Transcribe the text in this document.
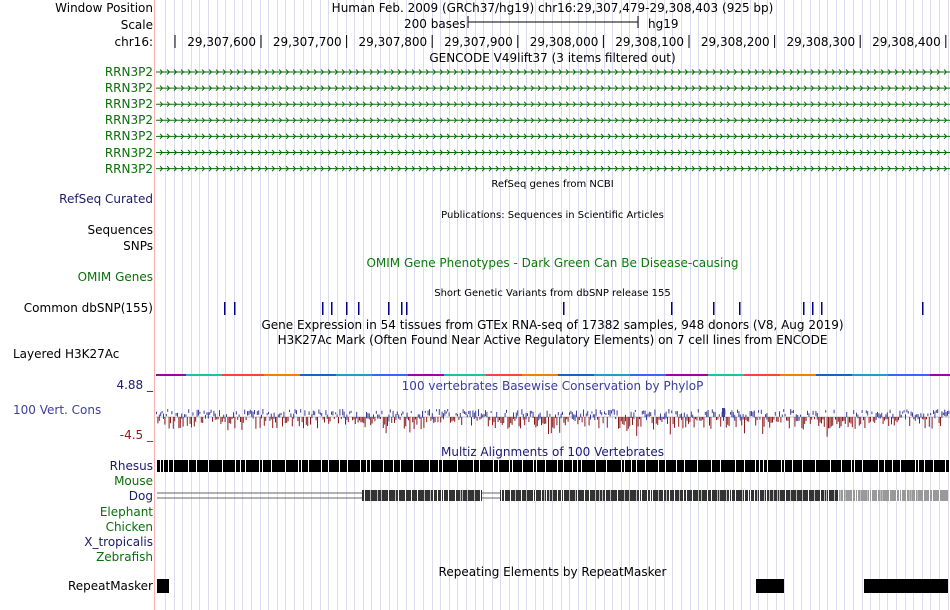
Window Position	Human Feb. 2009 (GRCh37/hg19) chr16:29,307,479-29,308,403 (925 bp)
Scale	200 bases	hg19
chr16:	29,307,600 29,307,700 29,307,800 29,307,900 29,308,000 29,308,100 29,308,200 29,308,300 29,308,400
GENCODE V49lift37 (3 items filtered out)
RRN3P2
RRN3P2
RRN3P2
RRN3P2
RRN3P2
RRN3P2
RRN3P2
RefSeq genes from NCBI
RefSeq Curated
Publications: Sequences in Scientific Articles
Sequences
SNPs
OMIM Gene Phenotypes - Dark Green Can Be Disease-causing
OMIM Genes
Short Genetic Variants from dbSNP release 155
Common dbSNP(155)
Gene Expression in 54 tissues from GTEx RNA-seq of 17382 samples, 948 donors (V8, Aug 2019)
H3K27Ac Mark (Often Found Near Active Regulatory Elements) on 7 cell lines from ENCODE
Layered H3K27Ac
4.88 _	100 vertebrates Basewise Conservation by PhyloP
100 Vert. Cons
-4.5 _
Multiz Alignments of 100 Vertebrates
Rhesus
Mouse
Dog
Elephant
Chicken
X_tropicalis
Zebrafish
Repeating Elements by RepeatMasker
RepeatMasker
